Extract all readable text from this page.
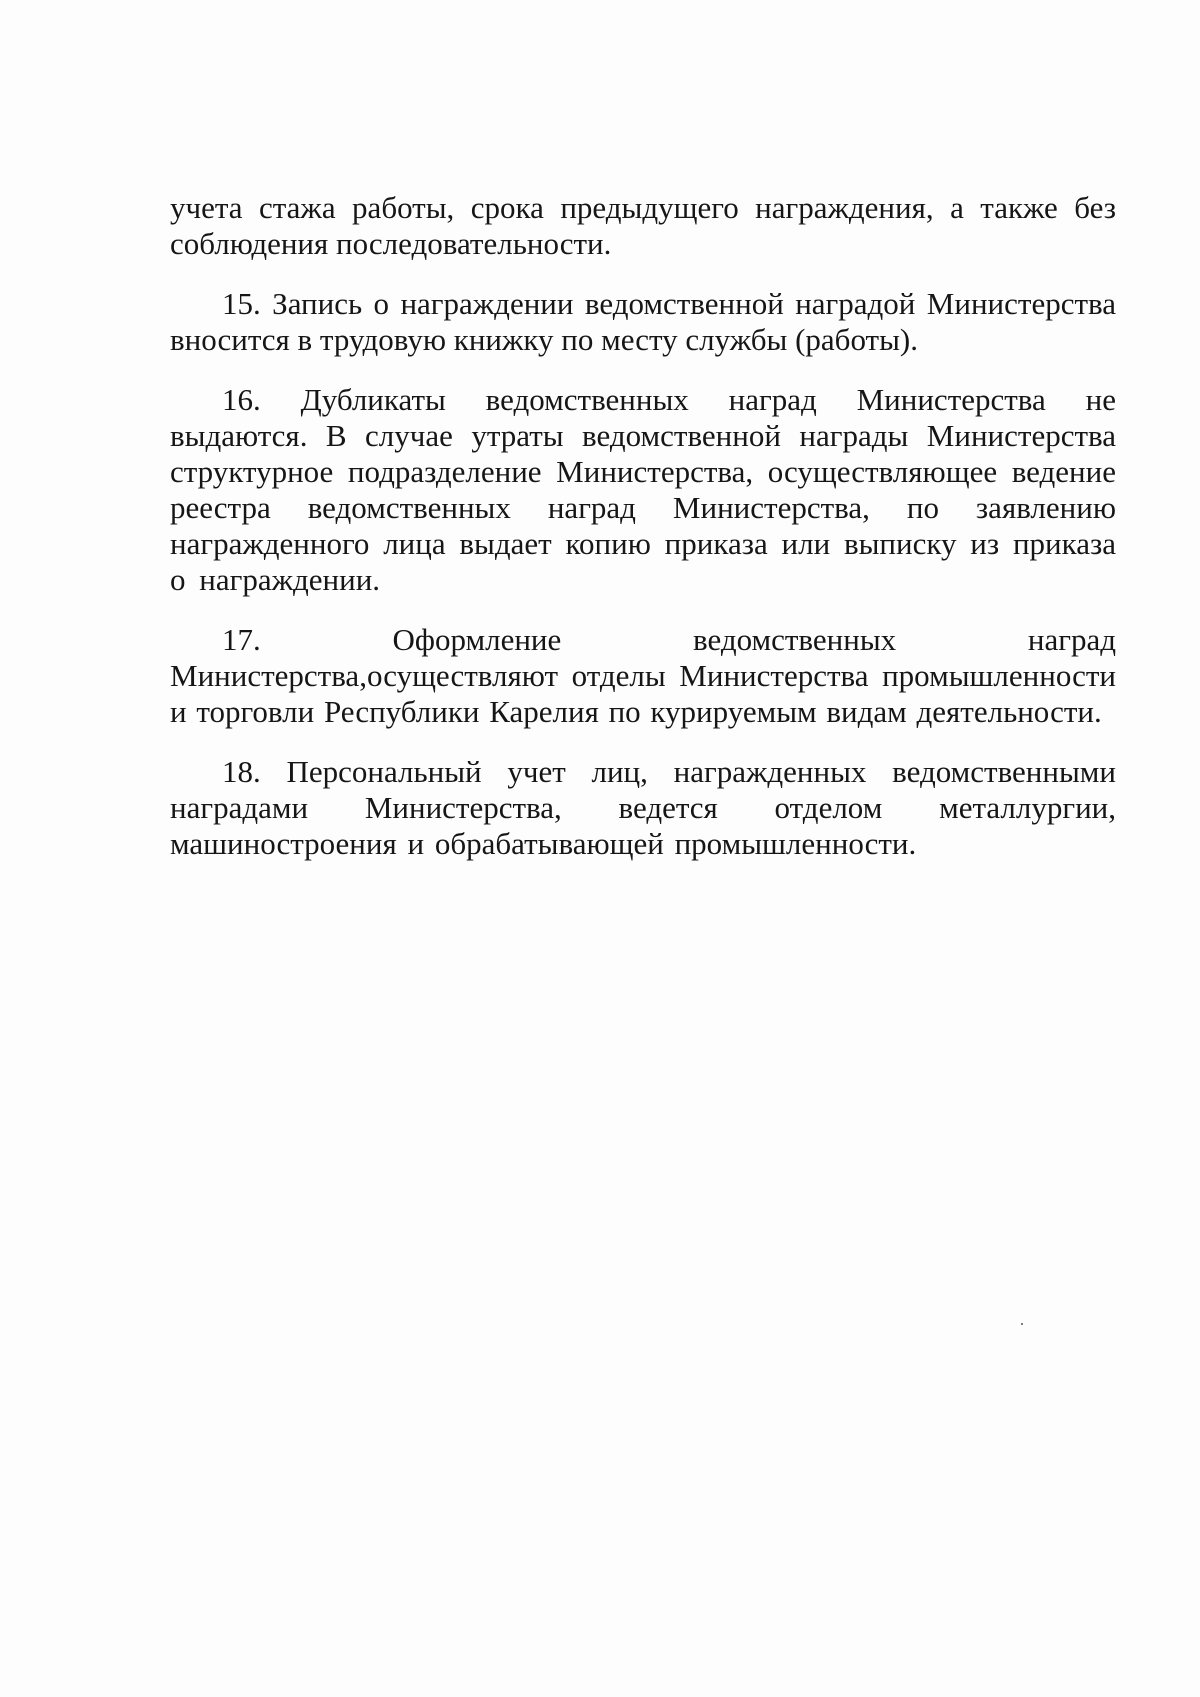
учета стажа работы, срока предыдущего награждения, а также без соблюдения последовательности.

15. Запись о награждении ведомственной наградой Министерства вносится в трудовую книжку по месту службы (работы).

16. Дубликаты ведомственных наград Министерства не выдаются. В случае утраты ведомственной награды Министерства структурное подразделение Министерства, осуществляющее ведение реестра ведомственных наград Министерства, по заявлению награжденного лица выдает копию приказа или выписку из приказа о награждении.

17. Оформление ведомственных наград Министерства,осуществляют отделы Министерства промышленности и торговли Республики Карелия по курируемым видам деятельности.

18. Персональный учет лиц, награжденных ведомственными наградами Министерства, ведется отделом металлургии, машиностроения и обрабатывающей промышленности.
